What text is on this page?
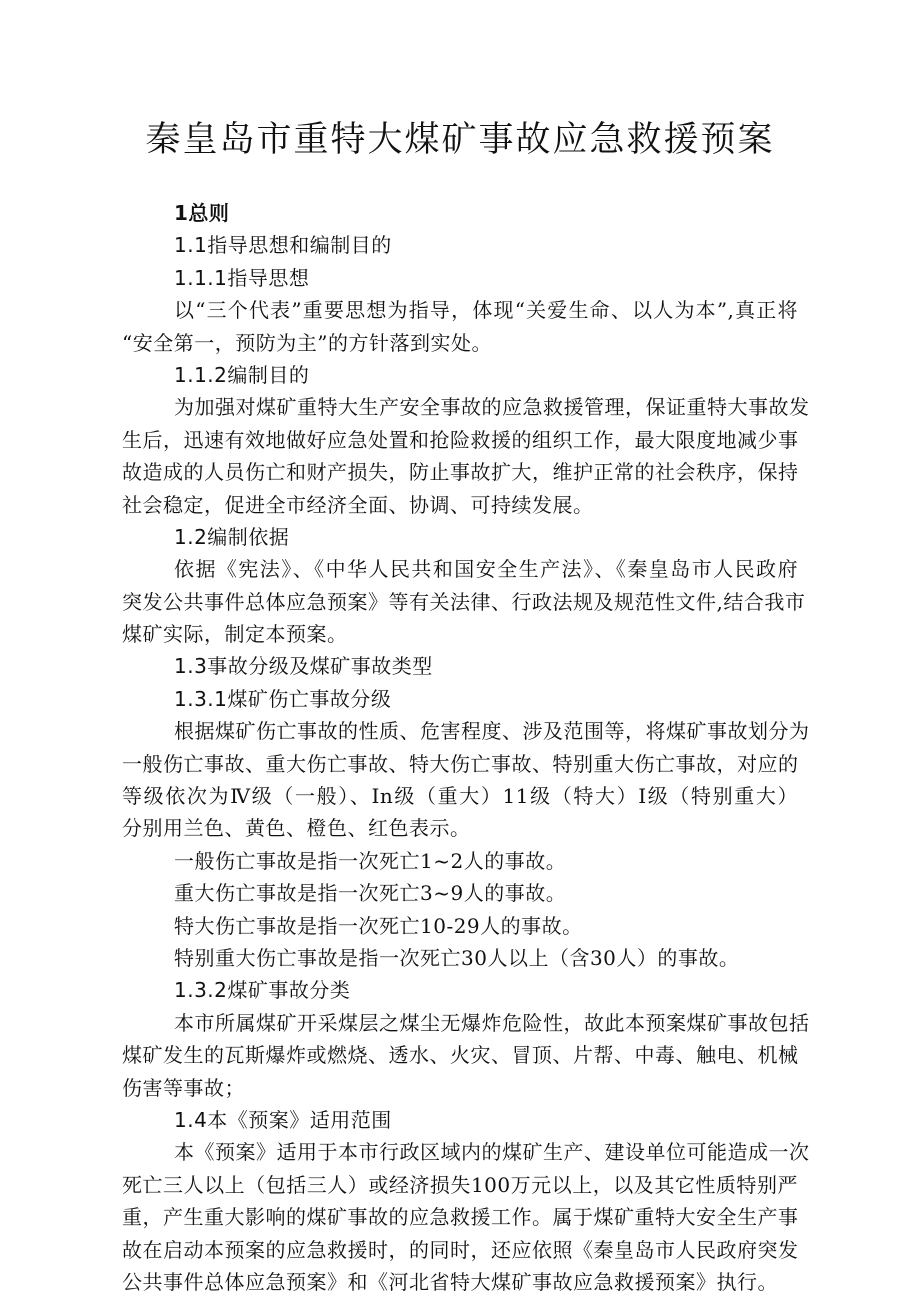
秦皇岛市重特大煤矿事故应急救援预案
1总则
1.1指导思想和编制目的
1.1.1指导思想
以“三个代表”重要思想为指导，体现“关爱生命、以人为本”,真正将
“安全第一，预防为主”的方针落到实处。
1.1.2编制目的
为加强对煤矿重特大生产安全事故的应急救援管理，保证重特大事故发
生后，迅速有效地做好应急处置和抢险救援的组织工作，最大限度地减少事
故造成的人员伤亡和财产损失，防止事故扩大，维护正常的社会秩序，保持
社会稳定，促进全市经济全面、协调、可持续发展。
1.2编制依据
依据《宪法》、《中华人民共和国安全生产法》、《秦皇岛市人民政府
突发公共事件总体应急预案》等有关法律、行政法规及规范性文件,结合我市
煤矿实际，制定本预案。
1.3事故分级及煤矿事故类型
1.3.1煤矿伤亡事故分级
根据煤矿伤亡事故的性质、危害程度、涉及范围等，将煤矿事故划分为
一般伤亡事故、重大伤亡事故、特大伤亡事故、特别重大伤亡事故，对应的
等级依次为Ⅳ级（一般）、In级（重大）11级（特大）Ⅰ级（特别重大）
分别用兰色、黄色、橙色、红色表示。
一般伤亡事故是指一次死亡1~2人的事故。
重大伤亡事故是指一次死亡3~9人的事故。
特大伤亡事故是指一次死亡10-29人的事故。
特别重大伤亡事故是指一次死亡30人以上（含30人）的事故。
1.3.2煤矿事故分类
本市所属煤矿开采煤层之煤尘无爆炸危险性，故此本预案煤矿事故包括
煤矿发生的瓦斯爆炸或燃烧、透水、火灾、冒顶、片帮、中毒、触电、机械
伤害等事故；
1.4本《预案》适用范围
本《预案》适用于本市行政区域内的煤矿生产、建设单位可能造成一次
死亡三人以上（包括三人）或经济损失100万元以上，以及其它性质特别严
重，产生重大影响的煤矿事故的应急救援工作。属于煤矿重特大安全生产事
故在启动本预案的应急救援时，的同时，还应依照《秦皇岛市人民政府突发
公共事件总体应急预案》和《河北省特大煤矿事故应急救援预案》执行。
